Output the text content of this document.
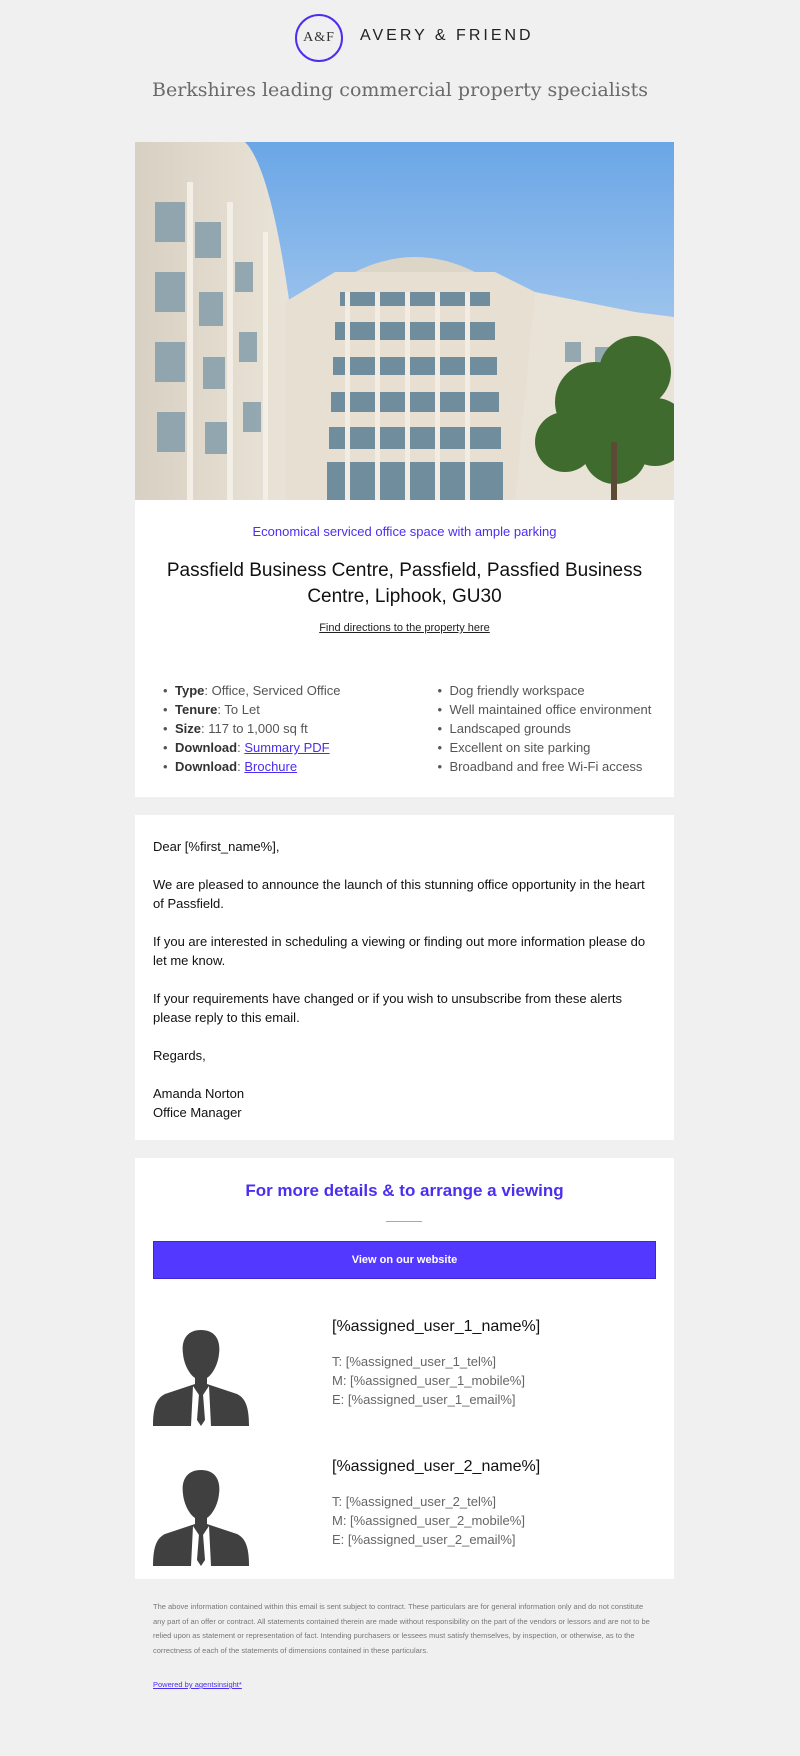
A&F	AVERY & FRIEND
Berkshires leading commercial property specialists
Economical serviced office space with ample parking
Passfield Business Centre, Passfield, Passfied Business Centre, Liphook, GU30
Find directions to the property here
• Type: Office, Serviced Office
• Tenure: To Let
• Size: 117 to 1,000 sq ft
• Download: Summary PDF
• Download: Brochure
• Dog friendly workspace
• Well maintained office environment
• Landscaped grounds
• Excellent on site parking
• Broadband and free Wi-Fi access

Dear [%first_name%],

We are pleased to announce the launch of this stunning office opportunity in the heart of Passfield.

If you are interested in scheduling a viewing or finding out more information please do let me know.

If your requirements have changed or if you wish to unsubscribe from these alerts please reply to this email.

Regards,

Amanda Norton
Office Manager

For more details & to arrange a viewing
View on our website
[%assigned_user_1_name%]
T: [%assigned_user_1_tel%]
M: [%assigned_user_1_mobile%]
E: [%assigned_user_1_email%]
[%assigned_user_2_name%]
T: [%assigned_user_2_tel%]
M: [%assigned_user_2_mobile%]
E: [%assigned_user_2_email%]
The above information contained within this email is sent subject to contract. These particulars are for general information only and do not constitute any part of an offer or contract. All statements contained therein are made without responsibility on the part of the vendors or lessors and are not to be relied upon as statement or representation of fact. Intending purchasers or lessees must satisfy themselves, by inspection, or otherwise, as to the correctness of each of the statements of dimensions contained in these particulars.
Powered by agentsinsight*
